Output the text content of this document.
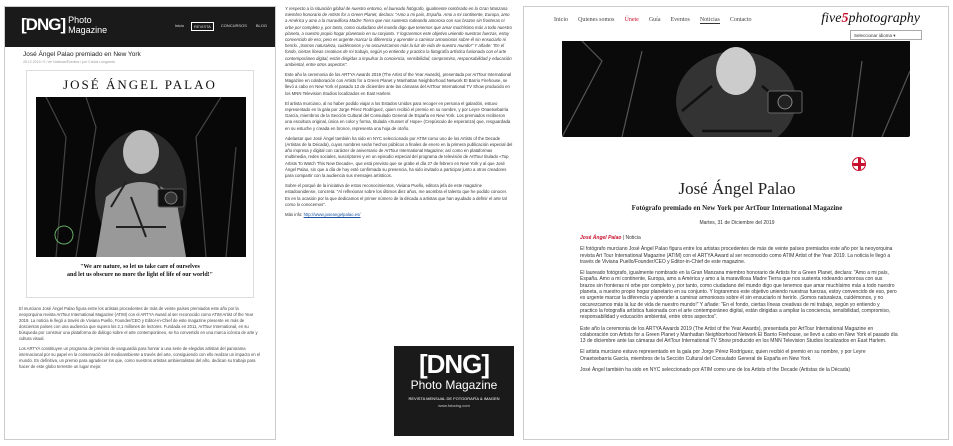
[DNG] Photo
Magazine	Inicio	REVISTA	CONCURSOS	BLOG
José Ángel Palao premiado en New York
26.12.2019 / 0 / en Noticias/Eventos / por Carlos Lungarres
JOSÉ ÁNGEL PALAO
"We are nature, so let us take care of ourselves
and let us obscure no more the light of life of our world!"

El murciano José Ángel Palao figura entre los artistas procedentes de más de veinte países premiados este año por la neoyorquina revista ArtTour International Magazine (ATIM) con el ARTYA Award al ser reconocido como ATIM Artist of the Year 2019. La noticia le llegó a través de Viviana Puello, Founder/CEO y Editor-in-Chief de este magazine presente en más de doscientos países con una audiencia que supera los 2,1 millones de lectores. Fundada en 2011, ArtTour International, en su búsqueda por construir una plataforma de diálogo sobre el arte contemporáneo, se ha convertido en una marca icónica de arte y cultura visual.

Los ARTYA constituyen un programa de premios de vanguardia para honrar a una serie de elegidos artistas del panorama internacional por su papel en la conservación del medioambiente a través del arte, consiguiendo con ello realizar un impacto en el mundo. En definitiva, un premio para agradecer los que, como nuestros artistas ambientalistas del año, dedican su trabajo para hacer de este globo terrestre un lugar mejor.

Y respecto a la situación global de nuestro entorno, el laureado fotógrafo, igualmente nombrado en la Gran Manzana miembro honorario de Artists for a Green Planet, declara: "Amo a mi país, España. Amo a mi continente, Europa, amo a América y amo a la maravillosa Madre Tierra que nos sustenta rodeando amorosa con sus brazos sin fronteras ni orbe por completo y, por tanto, como ciudadano del mundo digo que tenemos que amar muchísimo más a todo nuestro planeta, a nuestro propio hogar planetario en su conjunto. Y lograremos este objetivo uniendo nuestras fuerzas, estoy convencido de eso, pero es urgente marcar la diferencia y aprender a caminar armoniosos sobre él sin ensuciarlo ni herirlo. ¡Somos naturaleza, cuidémonos y no oscurezcamos más la luz de vida de nuestro mundo!" Y añade: "En el fondo, ciertas líneas creativas de mi trabajo, según yo entiendo y practico la fotografía artística fusionada con el arte contemporáneo digital, están dirigidas a impulsar la conciencia, sensibilidad, compromiso, responsabilidad y educación ambiental, entre otros aspectos".

Este año la ceremonia de los ARTYA Awards 2019 (The Artist of the Year Awards), presentada por ArtTour International Magazine en colaboración con Artists for a Green Planet y Manhattan Neighborhood Network El Barrio Firehouse, se llevó a cabo en New York el pasado 13 de diciembre ante las cámaras del ArtTour International TV Show producido en los MNN Television Studios localizados en East Harlem.

El artista murciano, al no haber podido viajar a los Estados Unidos para recoger en persona el galardón, estuvo representado en la gala por Jorge Pérez Rodríguez, quien recibió el premio en su nombre, y por Leyre Onaetxebarria García, miembros de la Sección Cultural del Consulado General de España en New York. Los premiados recibieron una escultura original, única en color y forma, titulada «Sunset of Hope» (Crepúsculo de esperanza) que, resguardada en su estuche y creada en bronce, representa una hoja de otoño.

Adelantar que José Ángel también ha sido en NYC seleccionado por ATIM como uno de los Artists of the Decade (Artistas de la Década), cuyos nombres serán hechos públicos a finales de enero en la primera publicación especial del año impresa y digital con carácter de aniversario de ArtTour International Magazine; así como en plataformas multimedia, redes sociales, suscriptores y en un episodio especial del programa de televisión de ArtTour titulado «Top Artists To Watch This New Decade», que está previsto que se grabe el día 27 de febrero en New York y al que José Ángel Palao, sin que a día de hoy esté confirmada su presencia, ha sido invitado a participar junto a otros creadores para compartir con la audiencia sus mensajes artísticos.

Sobre el porqué de la iniciativa de estos reconocimientos, Viviana Puello, editora jefa de este magazine estadounidense, concreta: "Al reflexionar sobre los últimos diez años, me asombra el talento que he podido conocer. Es en la ocasión por la que dedicamos el primer número de la década a artistas que han ayudado a definir el arte tal como lo conocemos".

Más info: http://www.joseangelpalao.es/

[DNG]
Photo Magazine
REVISTA MENSUAL DE FOTOGRAFÍA & IMAGEN
www.fotodng.com
Inicio Quienes somos Únete Guía Eventos Noticias Contacto	five5photography
Seleccionar idioma ▾
José Ángel Palao
Fotógrafo premiado en New York por ArtTour International Magazine
Martes, 31 de Diciembre del 2019

José Ángel Palao | Noticia

El fotógrafo murciano José Ángel Palao figura entre los artistas procedentes de más de veinte países premiados este año por la neoyorquina revista Art Tour International Magazine (ATIM) con el ARTYA Award al ser reconocido como ATIM Artist of the Year 2019. La noticia le llegó a través de Viviana Puello/Founder/CEO y Editor-in-Chief de este magazine.

El laureado fotógrafo, igualmente nombrado en la Gran Manzana miembro honorario de Artists for a Green Planet, declara: "Amo a mi país, España. Amo a mi continente, Europa, amo a América y amo a la maravillosa Madre Tierra que nos sustenta rodeando amorosa con sus brazos sin fronteras ni orbe por completo y, por tanto, como ciudadano del mundo digo que tenemos que amar muchísimo más a todo nuestro planeta, a nuestro propio hogar planetario en su conjunto. Y lograremos este objetivo uniendo nuestras fuerzas, estoy convencido de eso, pero es urgente marcar la diferencia y aprender a caminar armoniosos sobre él sin ensuciarlo ni herirlo. ¡Somos naturaleza, cuidémonos, y no oscurezcamos más la luz de vida de nuestro mundo!" Y añade: "En el fondo, ciertas líneas creativas de mi trabajo, según yo entiendo y practico la fotografía artística fusionada con el arte contemporáneo digital, están dirigidas a ampliar la conciencia, sensibilidad, compromiso, responsabilidad y educación ambiental, entre otros aspectos".

Este año la ceremonia de los ARTYA Awards 2019 (The Artist of the Year Awards), presentada por ArtTour International Magazine en colaboración con Artists for a Green Planet y Manhattan Neighborhood Network El Barrio Firehouse, se llevó a cabo en New York el pasado día 13 de diciembre ante las cámaras del ArtTour International TV Show producido en los MNN Television Studios localizados en East Harlem.

El artista murciano estuvo representado en la gala por Jorge Pérez Rodríguez, quien recibió el premio en su nombre, y por Leyre Onaetxebarria García, miembros de la Sección Cultural del Consulado General de España en New York.

José Ángel también ha sido en NYC seleccionado por ATIM como uno de los Artists of the Decade (Artistas de la Década)
